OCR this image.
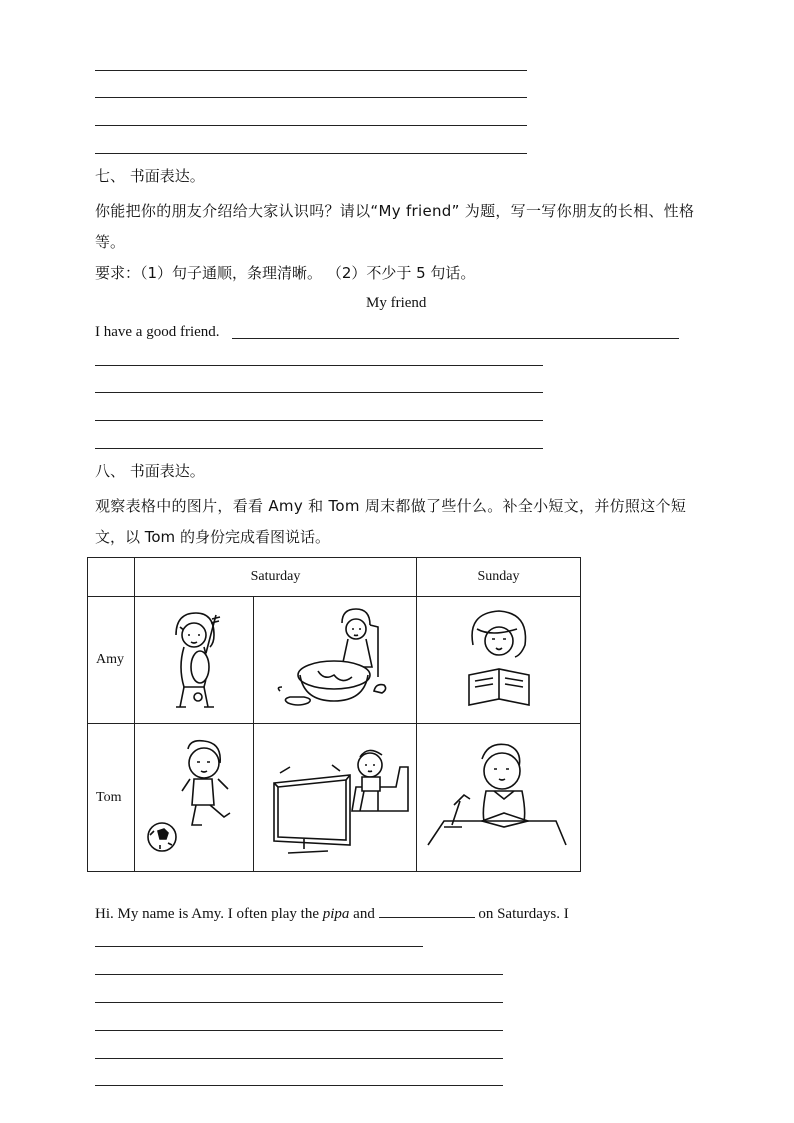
七、 书面表达。
你能把你的朋友介绍给大家认识吗？请以“My friend” 为题，写一写你朋友的长相、性格
等。
要求：（1）句子通顺，条理清晰。 （2）不少于 5 句话。
My friend
I have a good friend.
八、 书面表达。
观察表格中的图片，看看 Amy 和 Tom 周末都做了些什么。补全小短文，并仿照这个短
文，以 Tom 的身份完成看图说话。
	Saturday		Sunday
Amy	

Tom	

Hi. My name is Amy. I often play the pipa and	on Saturdays. I
